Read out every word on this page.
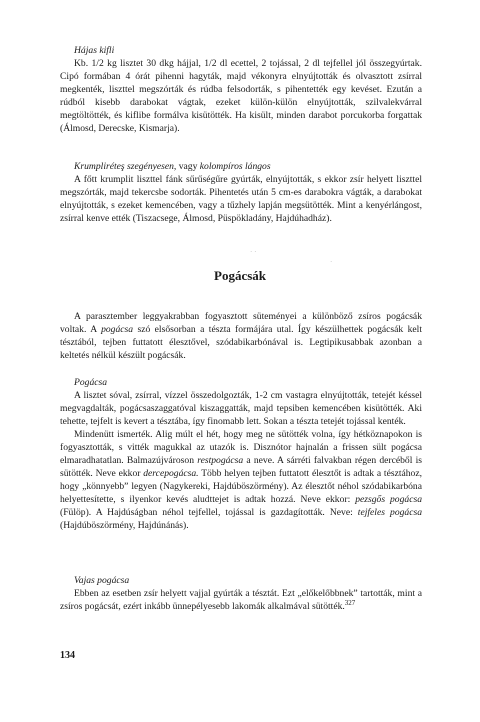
Hájas kifli

Kb. 1/2 kg lisztet 30 dkg hájjal, 1/2 dl ecettel, 2 tojással, 2 dl tejfellel jól összegyúrtak. Cipó formában 4 órát pihenni hagyták, majd vékonyra elnyújtották és olvasztott zsírral megkenték, liszttel megszórták és rúdba felsodorták, s pihentették egy kevéset. Ezután a rúdból kisebb darabokat vágtak, ezeket külön-külön elnyújtották, szilvalekvárral megtöltötték, és kiflibe formálva kisütötték. Ha kisült, minden darabot porcukorba forgattak (Álmosd, Derecske, Kismarja).

Krumpliréteş szegényesen, vagy kolompíros lángos

A főtt krumplit liszttel fánk sűrűségűre gyúrták, elnyújtották, s ekkor zsír helyett liszttel megszórták, majd tekercsbe sodorták. Pihentetés után 5 cm-es darabokra vágták, a darabokat elnyújtották, s ezeket kemencében, vagy a tűzhely lapján megsütötték. Mint a kenyérlángost, zsírral kenve ették (Tiszacsege, Álmosd, Püspökladány, Hajdúhadház).

Pogácsák

A parasztember leggyakrabban fogyasztott süteményei a különböző zsíros pogácsák voltak. A pogácsa szó elsősorban a tészta formájára utal. Így készülhettek pogácsák kelt tésztából, tejben futtatott élesztővel, szódabikarbónával is. Legtipikusabbak azonban a keltetés nélkül készült pogácsák.

Pogácsa

A lisztet sóval, zsírral, vízzel összedolgozták, 1-2 cm vastagra elnyújtották, tetejét késsel megvagdalták, pogácsaszaggatóval kiszaggatták, majd tepsiben kemencében kisütötték. Aki tehette, tejfelt is kevert a tésztába, így finomabb lett. Sokan a tészta tetejét tojással kenték.

Mindenütt ismerték. Alig múlt el hét, hogy meg ne sütötték volna, így hétköznapokon is fogyasztották, s vitték magukkal az utazók is. Disznótor hajnalán a frissen sült pogácsa elmaradhatatlan. Balmazújvároson restpogácsa a neve. A sárréti falvakban régen dercéből is sütötték. Neve ekkor dercepogácsa. Több helyen tejben futtatott élesztőt is adtak a tésztához, hogy „könnyebb” legyen (Nagykereki, Hajdúböszörmény). Az élesztőt néhol szódabikarbóna helyettesítette, s ilyenkor kevés aludttejet is adtak hozzá. Neve ekkor: pezsgős pogácsa (Fülöp). A Hajdúságban néhol tejfellel, tojással is gazdagították. Neve: tejfeles pogácsa (Hajdúböszörmény, Hajdúnánás).

Vajas pogácsa

Ebben az esetben zsír helyett vajjal gyúrták a tésztát. Ezt „előkelőbbnek” tartották, mint a zsíros pogácsát, ezért inkább ünnepélyesebb lakomák alkalmával sütötték.$^{327}$

134
· ·
·
